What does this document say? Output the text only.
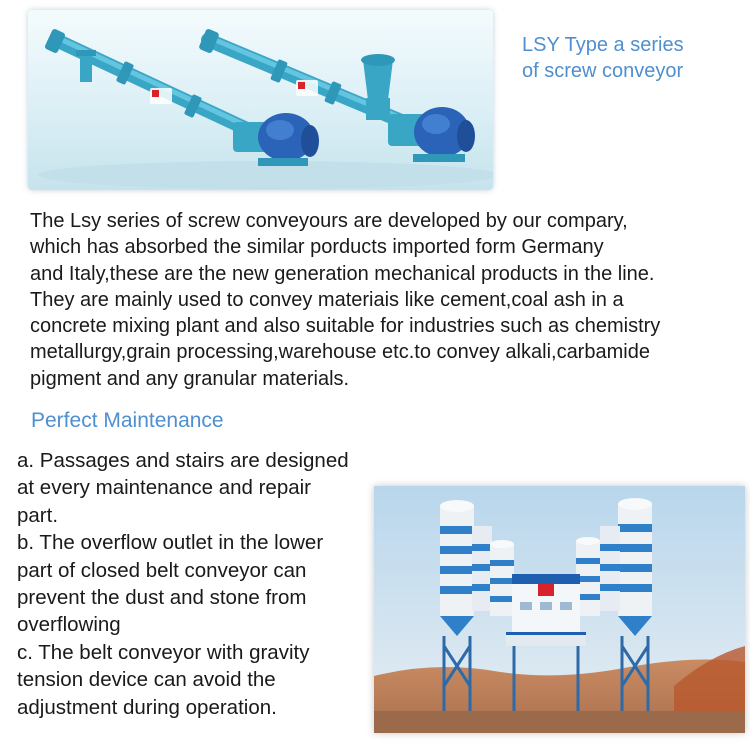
LSY Type a series
of screw conveyor
The Lsy series of screw conveyours are developed by our compary,
which has absorbed the similar porducts imported form Germany
and Italy,these are the new generation mechanical products in the line.
They are mainly used to convey materiais like cement,coal ash in a
concrete mixing plant and also suitable for industries such as chemistry
metallurgy,grain processing,warehouse etc.to convey alkali,carbamide
pigment and any granular materials.
Perfect Maintenance
a. Passages and stairs are designed
at every maintenance and repair
part.
b. The overflow outlet in the lower
part of closed belt conveyor can
prevent the dust and stone from
overflowing
c. The belt conveyor with gravity
tension device can avoid the
adjustment during operation.
